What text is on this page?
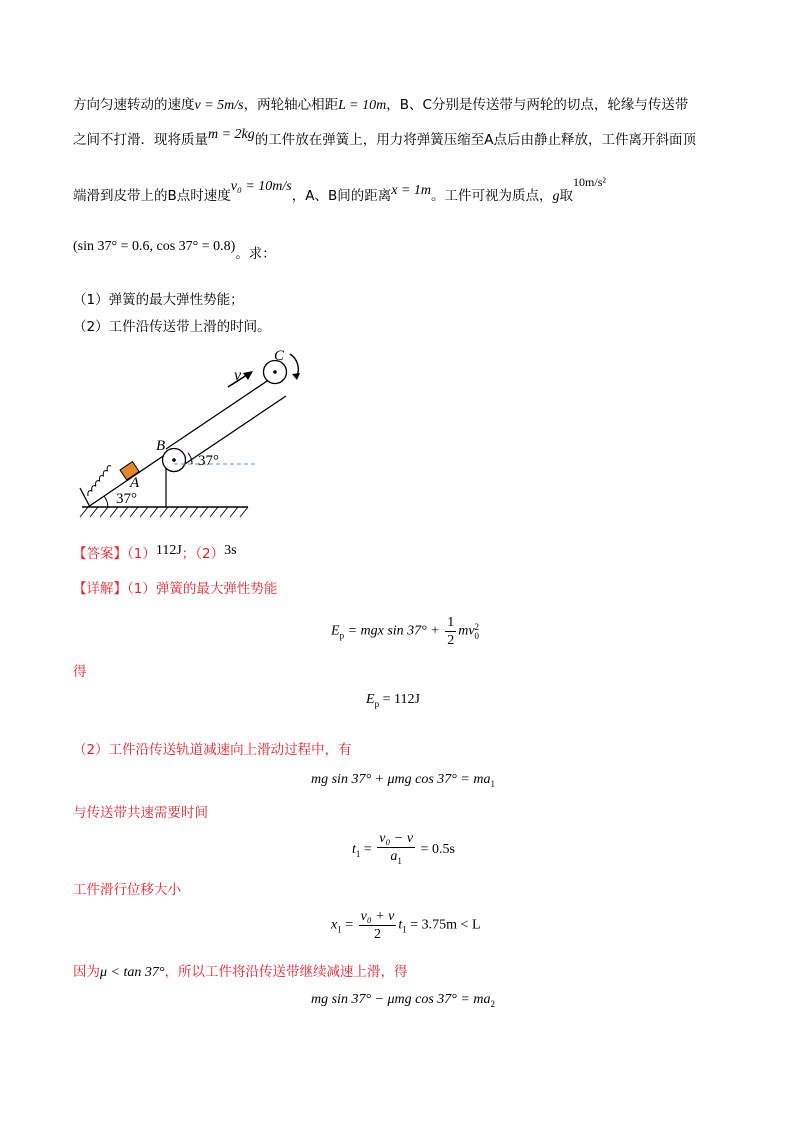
方向匀速转动的速度v = 5m/s，两轮轴心相距L = 10m，B、C分别是传送带与两轮的切点，轮缘与传送带
之间不打滑．现将质量m = 2kg的工件放在弹簧上，用力将弹簧压缩至A点后由静止释放，工件离开斜面顶
端滑到皮带上的B点时速度v₀ = 10m/s，A、B间的距离x = 1m。工件可视为质点，g取10m/s²
(sin 37° = 0.6, cos 37° = 0.8)。求：
（1）弹簧的最大弹性势能；
（2）工件沿传送带上滑的时间。
37°
A
C
v
B
37°
【答案】（1）112J；（2）3s
【详解】（1）弹簧的最大弹性势能
$E_p$ = mgx $\sin 37^\circ + \frac{1}{2}$ mv 2
0
得
$E_p = 112J$
（2）工件沿传送轨道减速向上滑动过程中，有
mg sin 37° + μmg $\cos 37^\circ = ma_1$
与传送带共速需要时间
$t_1 = \frac{\text{v₀ − v}}{a_1} = 0.5s$
工件滑行位移大小
$x_1 = \frac{\text{v₀ + v}}{2} t_1 = 3.75m < L$
因为μ < tan 37°，所以工件将沿传送带继续减速上滑，得
mg sin 37° − μmg $\cos 37^\circ = ma_2$
